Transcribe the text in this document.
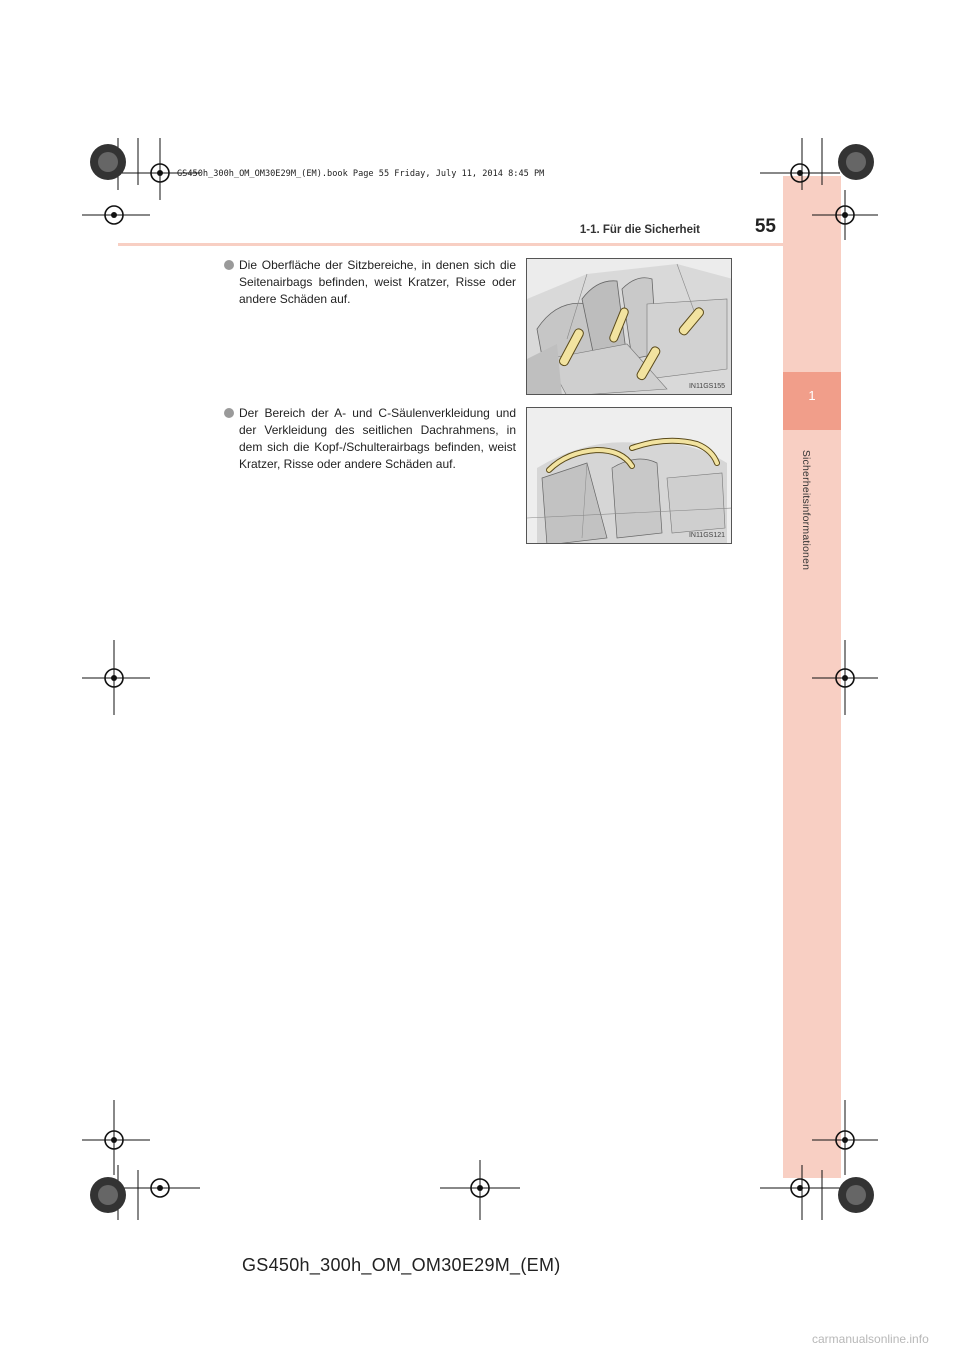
1
Sicherheitsinformationen
GS450h_300h_OM_OM30E29M_(EM).book Page 55 Friday, July 11, 2014 8:45 PM
1-1. Für die Sicherheit	55

Die Oberfläche der Sitzbereiche, in denen sich die Seitenairbags befinden, weist Kratzer, Risse oder andere Schäden auf.

IN11GS155

Der Bereich der A- und C-Säulenverkleidung und der Verkleidung des seitlichen Dachrahmens, in dem sich die Kopf-/Schulterairbags befinden, weist Kratzer, Risse oder andere Schäden auf.

IN11GS121
GS450h_300h_OM_OM30E29M_(EM)
carmanualsonline.info
